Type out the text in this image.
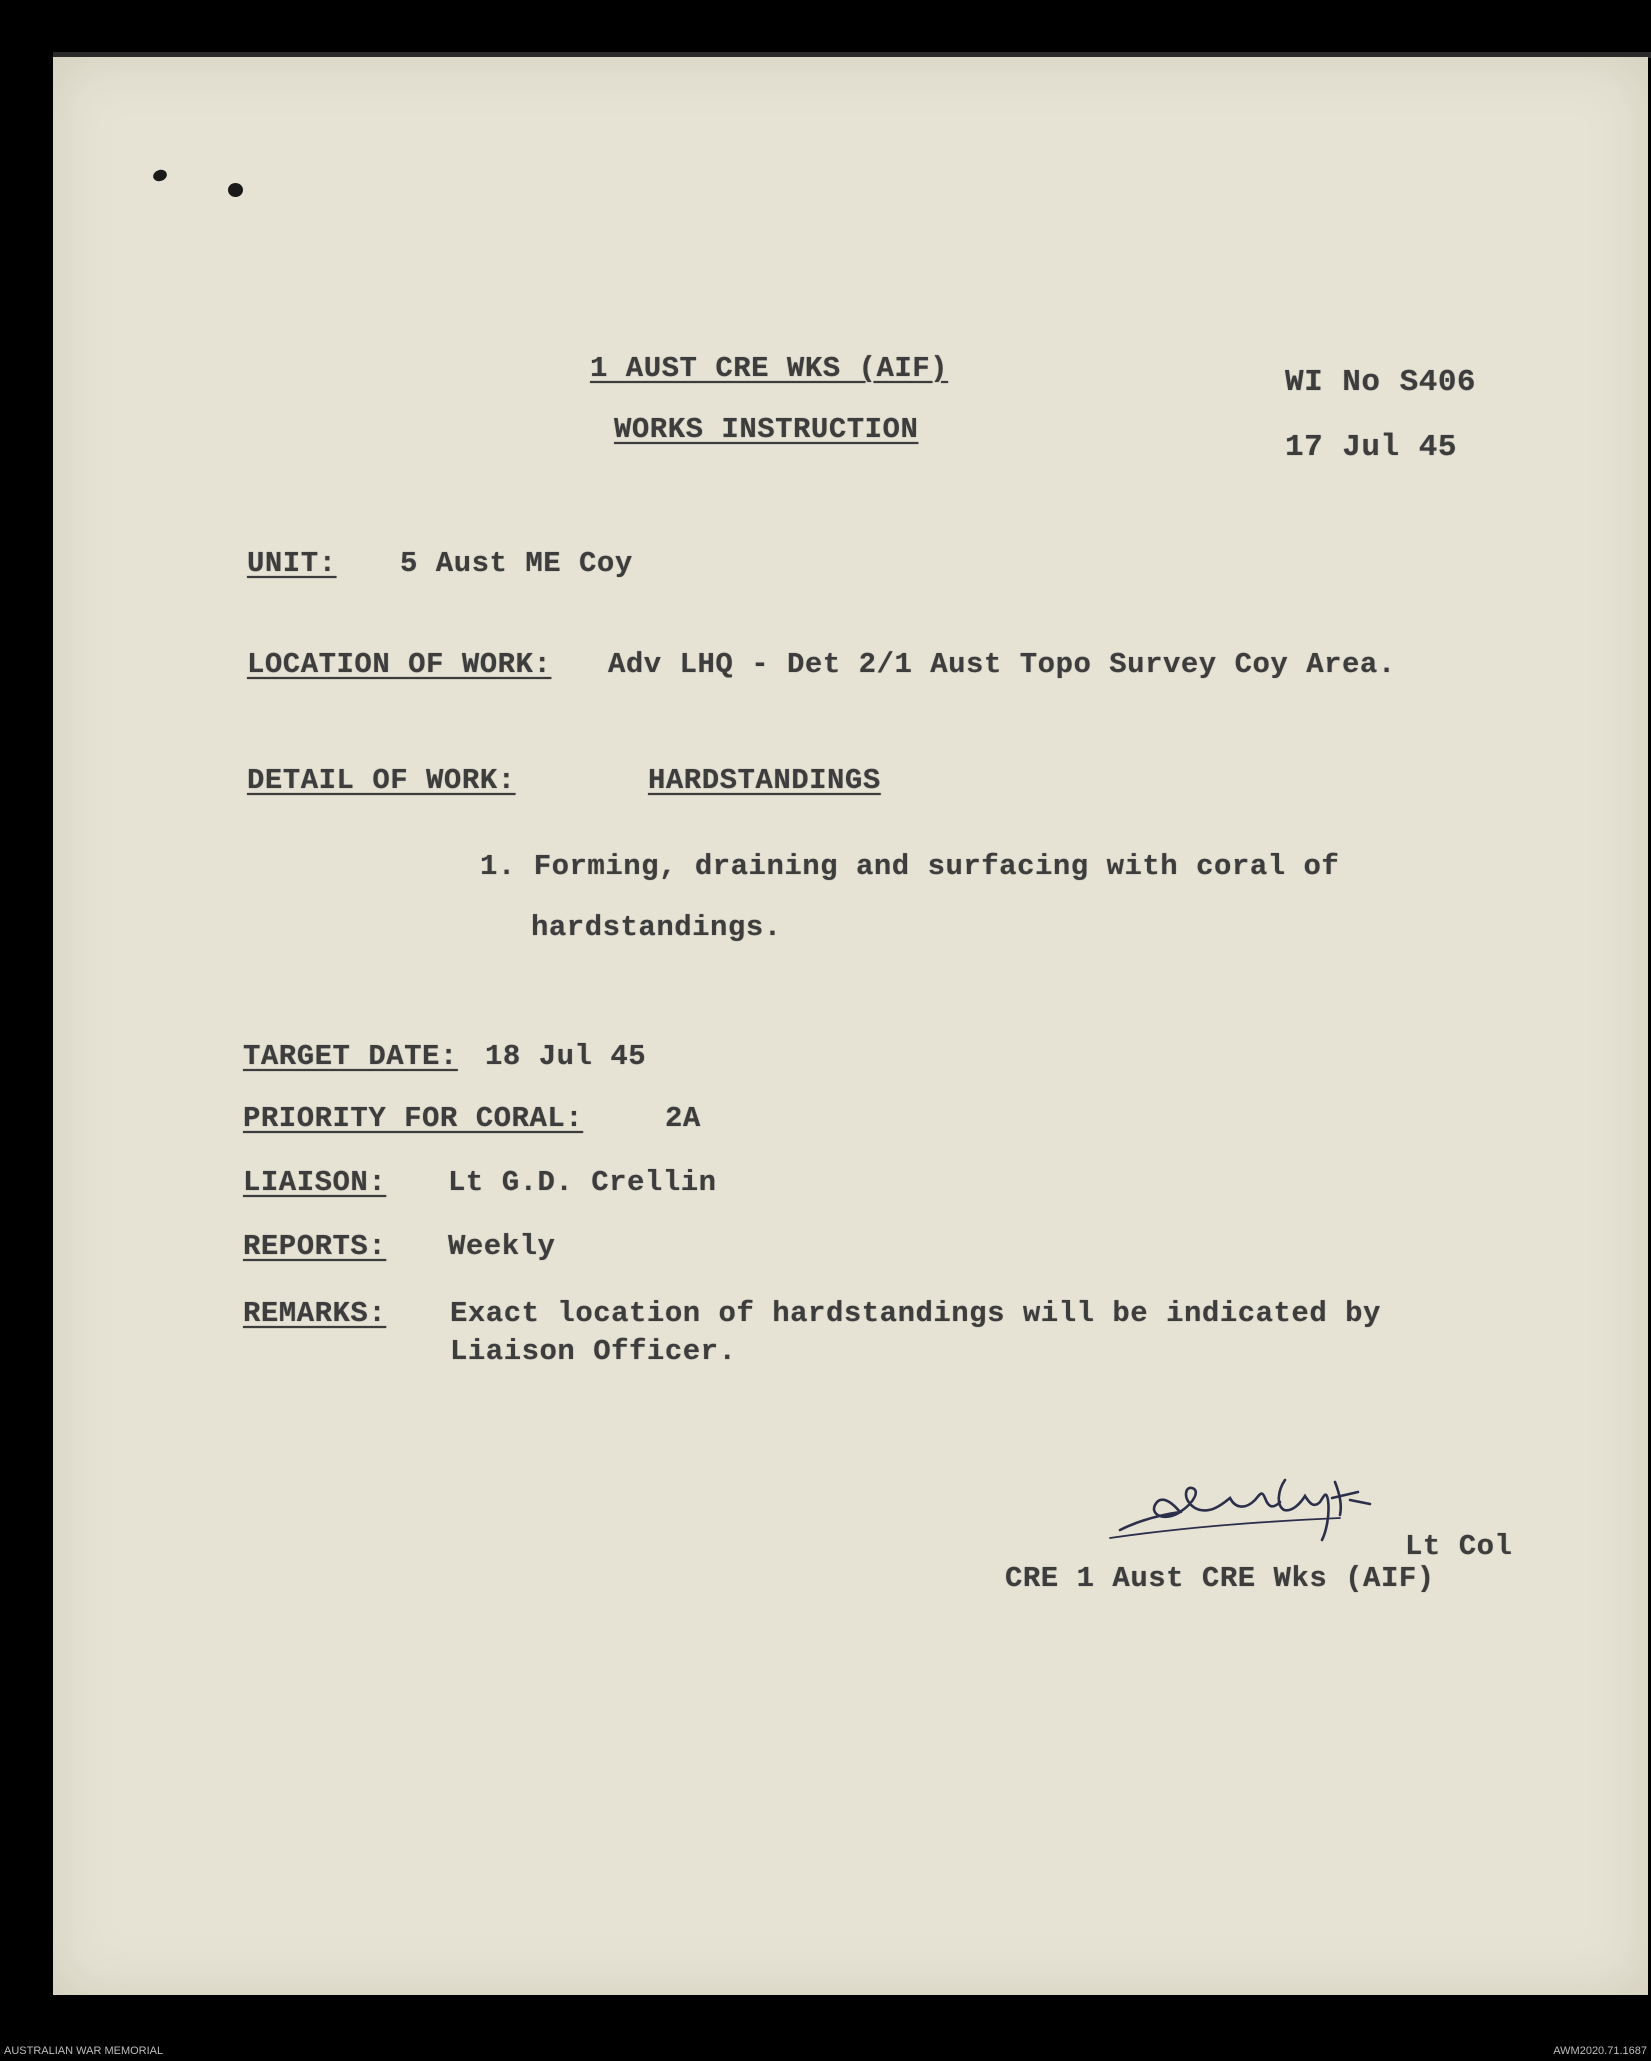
1 AUST CRE WKS (AIF)
WORKS INSTRUCTION
WI No S406
17 Jul 45
UNIT: 5 Aust ME Coy
LOCATION OF WORK: Adv LHQ - Det 2/1 Aust Topo Survey Coy Area.
DETAIL OF WORK:	HARDSTANDINGS
1. Forming, draining and surfacing with coral of
hardstandings.
TARGET DATE: 18 Jul 45
PRIORITY FOR CORAL:	2A
LIAISON: Lt G.D. Crellin
REPORTS: Weekly
REMARKS: Exact location of hardstandings will be indicated by
Liaison Officer.
Lt Col
CRE 1 Aust CRE Wks (AIF)
AUSTRALIAN WAR MEMORIAL	AWM2020.71.1687
